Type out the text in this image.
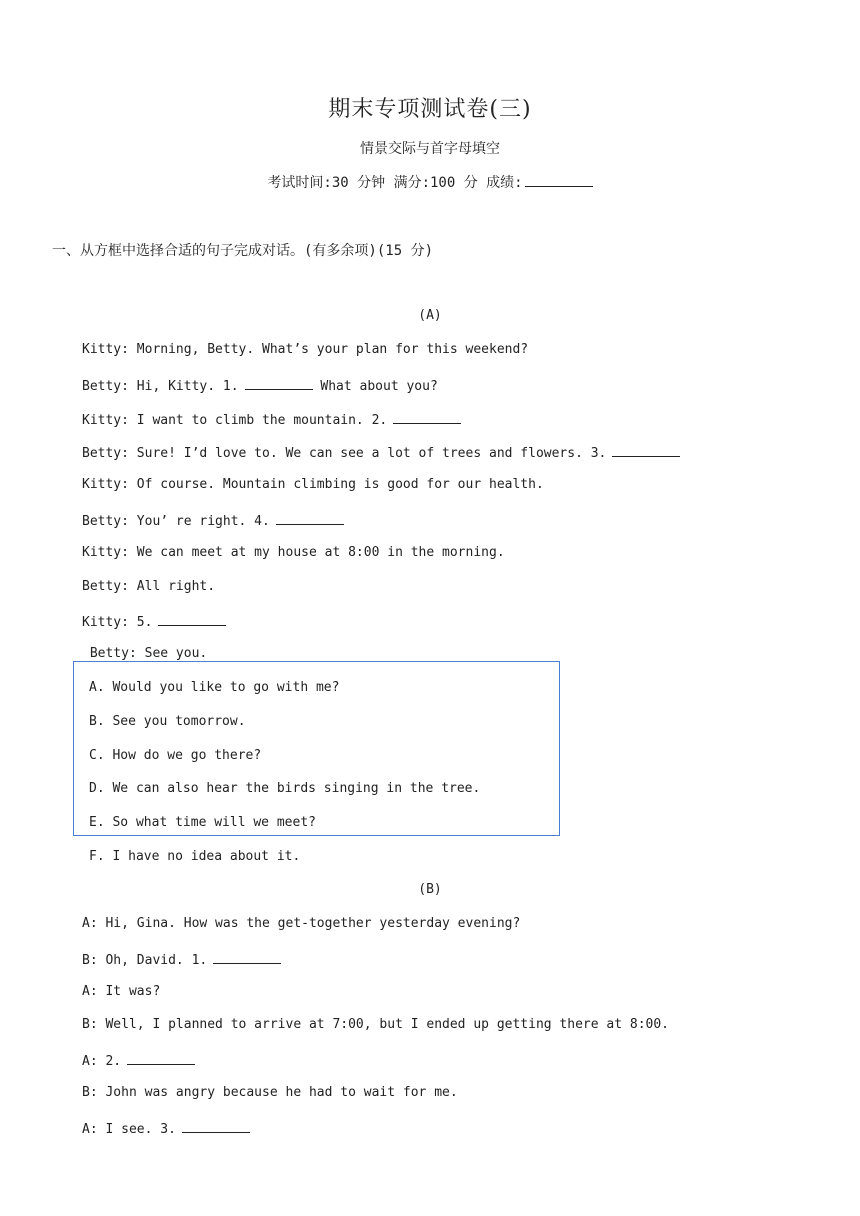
期末专项测试卷(三)
情景交际与首字母填空
考试时间:30 分钟 满分:100 分 成绩:
一、从方框中选择合适的句子完成对话。(有多余项)(15 分)
(A)
Kitty: Morning, Betty. What’s your plan for this weekend?
Betty: Hi, Kitty. 1.	What about you?
Kitty: I want to climb the mountain. 2.
Betty: Sure! I’d love to. We can see a lot of trees and flowers. 3.
Kitty: Of course. Mountain climbing is good for our health.
Betty: You’ re right. 4.
Kitty: We can meet at my house at 8:00 in the morning.
Betty: All right.
Kitty: 5.
Betty: See you.
A. Would you like to go with me?
B. See you tomorrow.
C. How do we go there?
D. We can also hear the birds singing in the tree.
E. So what time will we meet?
F. I have no idea about it.
(B)
A: Hi, Gina. How was the get-together yesterday evening?
B: Oh, David. 1.
A: It was?
B: Well, I planned to arrive at 7:00, but I ended up getting there at 8:00.
A: 2.
B: John was angry because he had to wait for me.
A: I see. 3.
